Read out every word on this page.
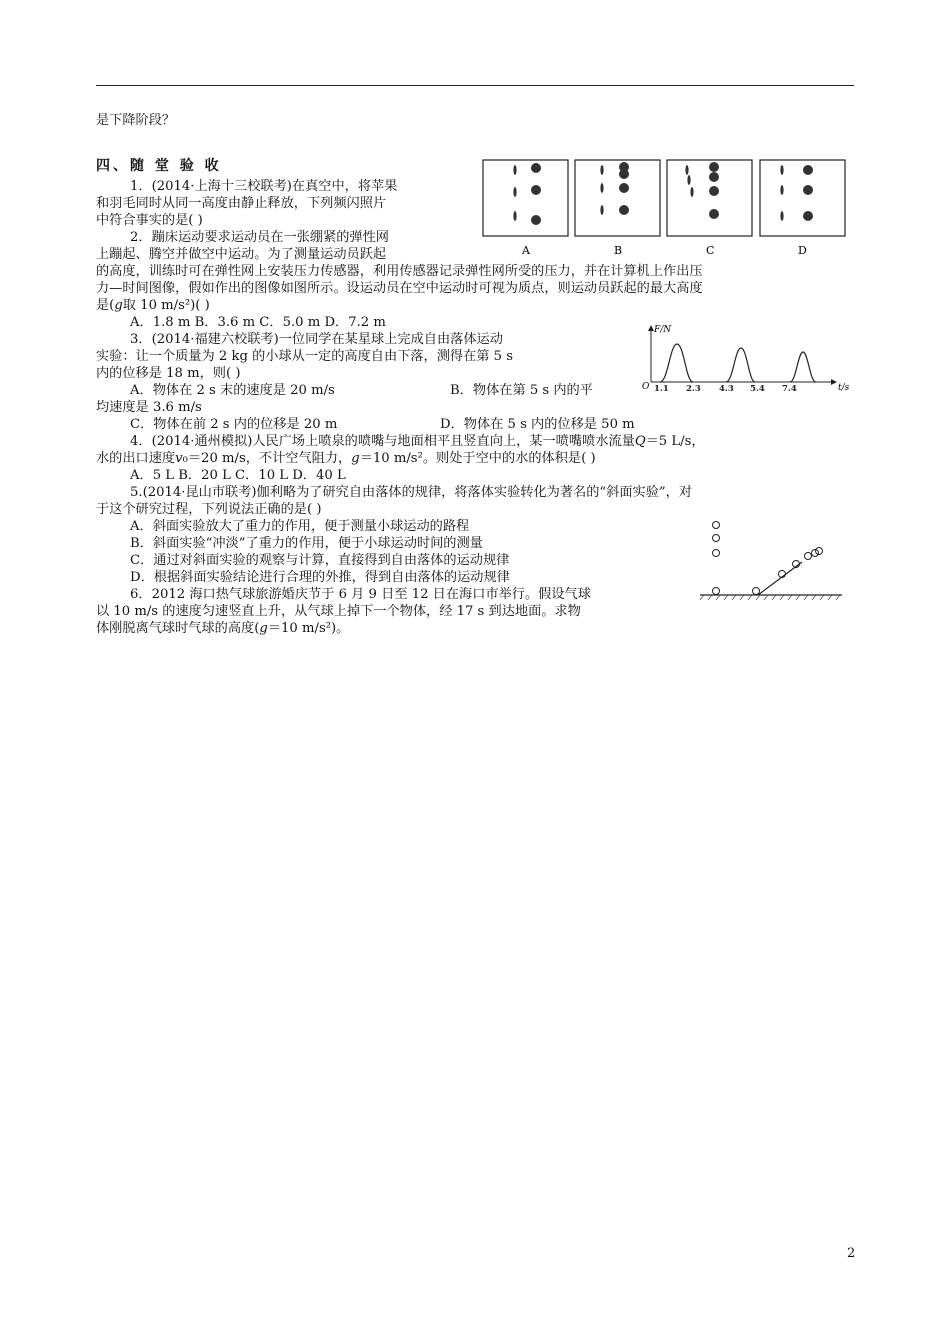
是下降阶段？
四、随 堂 验 收
1．(2014·上海十三校联考)在真空中，将苹果
和羽毛同时从同一高度由静止释放，下列频闪照片
中符合事实的是( )
A	B	C	D
2．蹦床运动要求运动员在一张绷紧的弹性网
上蹦起、腾空并做空中运动。为了测量运动员跃起
的高度，训练时可在弹性网上安装压力传感器，利用传感器记录弹性网所受的压力，并在计算机上作出压
力—时间图像，假如作出的图像如图所示。设运动员在空中运动时可视为质点，则运动员跃起的最大高度
是(g取 10 m/s²)( )
A．1.8 m B．3.6 m C．5.0 m D．7.2 m
3．(2014·福建六校联考)一位同学在某星球上完成自由落体运动
实验：让一个质量为 2 kg 的小球从一定的高度自由下落，测得在第 5 s
内的位移是 18 m，则( )
A．物体在 2 s 末的速度是 20 m/s	B．物体在第 5 s 内的平
均速度是 3.6 m/s
C．物体在前 2 s 内的位移是 20 m	D．物体在 5 s 内的位移是 50 m
F/N
t/s
O 1.1 2.3 4.3 5.4 7.4
4．(2014·通州模拟)人民广场上喷泉的喷嘴与地面相平且竖直向上，某一喷嘴喷水流量Q＝5 L/s，
水的出口速度v₀＝20 m/s，不计空气阻力，g＝10 m/s²。则处于空中的水的体积是( )
A．5 L B．20 L C．10 L D．40 L
5.(2014·昆山市联考)伽利略为了研究自由落体的规律，将落体实验转化为著名的“斜面实验”，对
于这个研究过程，下列说法正确的是( )
A．斜面实验放大了重力的作用，便于测量小球运动的路程
B．斜面实验“冲淡”了重力的作用，便于小球运动时间的测量
C．通过对斜面实验的观察与计算，直接得到自由落体的运动规律
D．根据斜面实验结论进行合理的外推，得到自由落体的运动规律
6．2012 海口热气球旅游婚庆节于 6 月 9 日至 12 日在海口市举行。假设气球
以 10 m/s 的速度匀速竖直上升，从气球上掉下一个物体，经 17 s 到达地面。求物
体刚脱离气球时气球的高度(g＝10 m/s²)。
2
